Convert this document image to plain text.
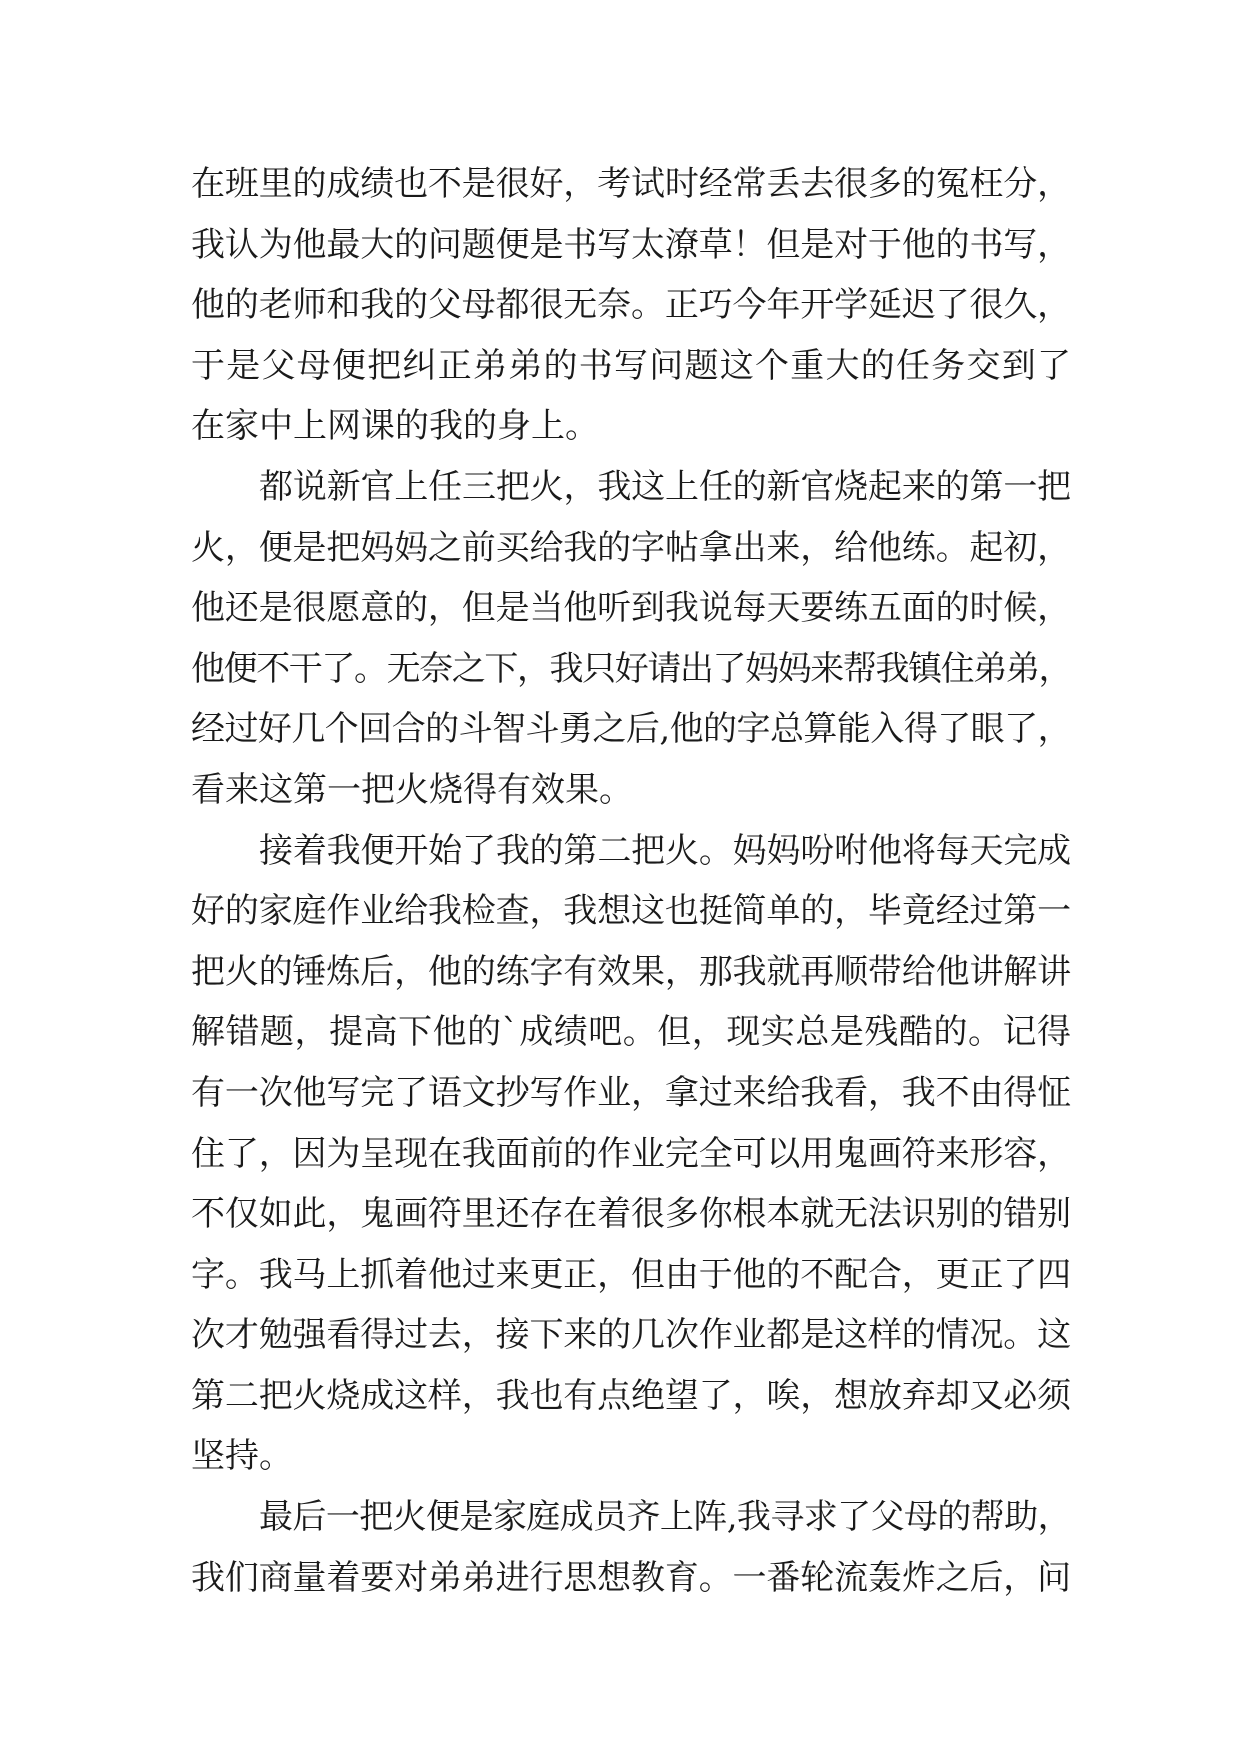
在班里的成绩也不是很好，考试时经常丢去很多的冤枉分，
我认为他最大的问题便是书写太潦草！但是对于他的书写，
他的老师和我的父母都很无奈。正巧今年开学延迟了很久，
于是父母便把纠正弟弟的书写问题这个重大的任务交到了
在家中上网课的我的身上。
都说新官上任三把火，我这上任的新官烧起来的第一把
火，便是把妈妈之前买给我的字帖拿出来，给他练。起初，
他还是很愿意的，但是当他听到我说每天要练五面的时候，
他便不干了。无奈之下，我只好请出了妈妈来帮我镇住弟弟，
经过好几个回合的斗智斗勇之后,他的字总算能入得了眼了，
看来这第一把火烧得有效果。
接着我便开始了我的第二把火。妈妈吩咐他将每天完成
好的家庭作业给我检查，我想这也挺简单的，毕竟经过第一
把火的锤炼后，他的练字有效果，那我就再顺带给他讲解讲
解错题，提高下他的`成绩吧。但，现实总是残酷的。记得
有一次他写完了语文抄写作业，拿过来给我看，我不由得怔
住了，因为呈现在我面前的作业完全可以用鬼画符来形容，
不仅如此，鬼画符里还存在着很多你根本就无法识别的错别
字。我马上抓着他过来更正，但由于他的不配合，更正了四
次才勉强看得过去，接下来的几次作业都是这样的情况。这
第二把火烧成这样，我也有点绝望了，唉，想放弃却又必须
坚持。
最后一把火便是家庭成员齐上阵,我寻求了父母的帮助，
我们商量着要对弟弟进行思想教育。一番轮流轰炸之后，问
